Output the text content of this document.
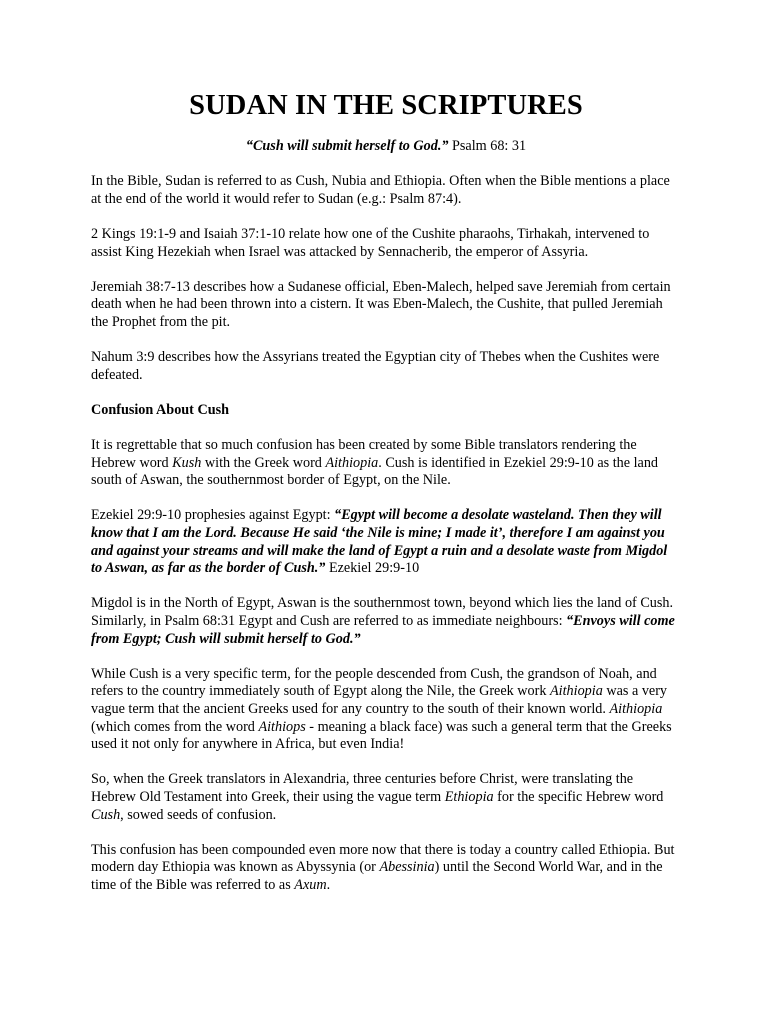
SUDAN IN THE SCRIPTURES

“Cush will submit herself to God.” Psalm 68: 31

In the Bible, Sudan is referred to as Cush, Nubia and Ethiopia. Often when the Bible mentions a place at the end of the world it would refer to Sudan (e.g.: Psalm 87:4).

2 Kings 19:1-9 and Isaiah 37:1-10 relate how one of the Cushite pharaohs, Tirhakah, intervened to assist King Hezekiah when Israel was attacked by Sennacherib, the emperor of Assyria.

Jeremiah 38:7-13 describes how a Sudanese official, Eben-Malech, helped save Jeremiah from certain death when he had been thrown into a cistern. It was Eben-Malech, the Cushite, that pulled Jeremiah the Prophet from the pit.

Nahum 3:9 describes how the Assyrians treated the Egyptian city of Thebes when the Cushites were defeated.

Confusion About Cush

It is regrettable that so much confusion has been created by some Bible translators rendering the Hebrew word Kush with the Greek word Aithiopia. Cush is identified in Ezekiel 29:9-10 as the land south of Aswan, the southernmost border of Egypt, on the Nile.

Ezekiel 29:9-10 prophesies against Egypt: “Egypt will become a desolate wasteland. Then they will know that I am the Lord. Because He said ‘the Nile is mine; I made it’, therefore I am against you and against your streams and will make the land of Egypt a ruin and a desolate waste from Migdol to Aswan, as far as the border of Cush.” Ezekiel 29:9-10

Migdol is in the North of Egypt, Aswan is the southernmost town, beyond which lies the land of Cush. Similarly, in Psalm 68:31 Egypt and Cush are referred to as immediate neighbours: “Envoys will come from Egypt; Cush will submit herself to God.”

While Cush is a very specific term, for the people descended from Cush, the grandson of Noah, and refers to the country immediately south of Egypt along the Nile, the Greek work Aithiopia was a very vague term that the ancient Greeks used for any country to the south of their known world. Aithiopia (which comes from the word Aithiops - meaning a black face) was such a general term that the Greeks used it not only for anywhere in Africa, but even India!

So, when the Greek translators in Alexandria, three centuries before Christ, were translating the Hebrew Old Testament into Greek, their using the vague term Ethiopia for the specific Hebrew word Cush, sowed seeds of confusion.

This confusion has been compounded even more now that there is today a country called Ethiopia. But modern day Ethiopia was known as Abyssynia (or Abessinia) until the Second World War, and in the time of the Bible was referred to as Axum.
